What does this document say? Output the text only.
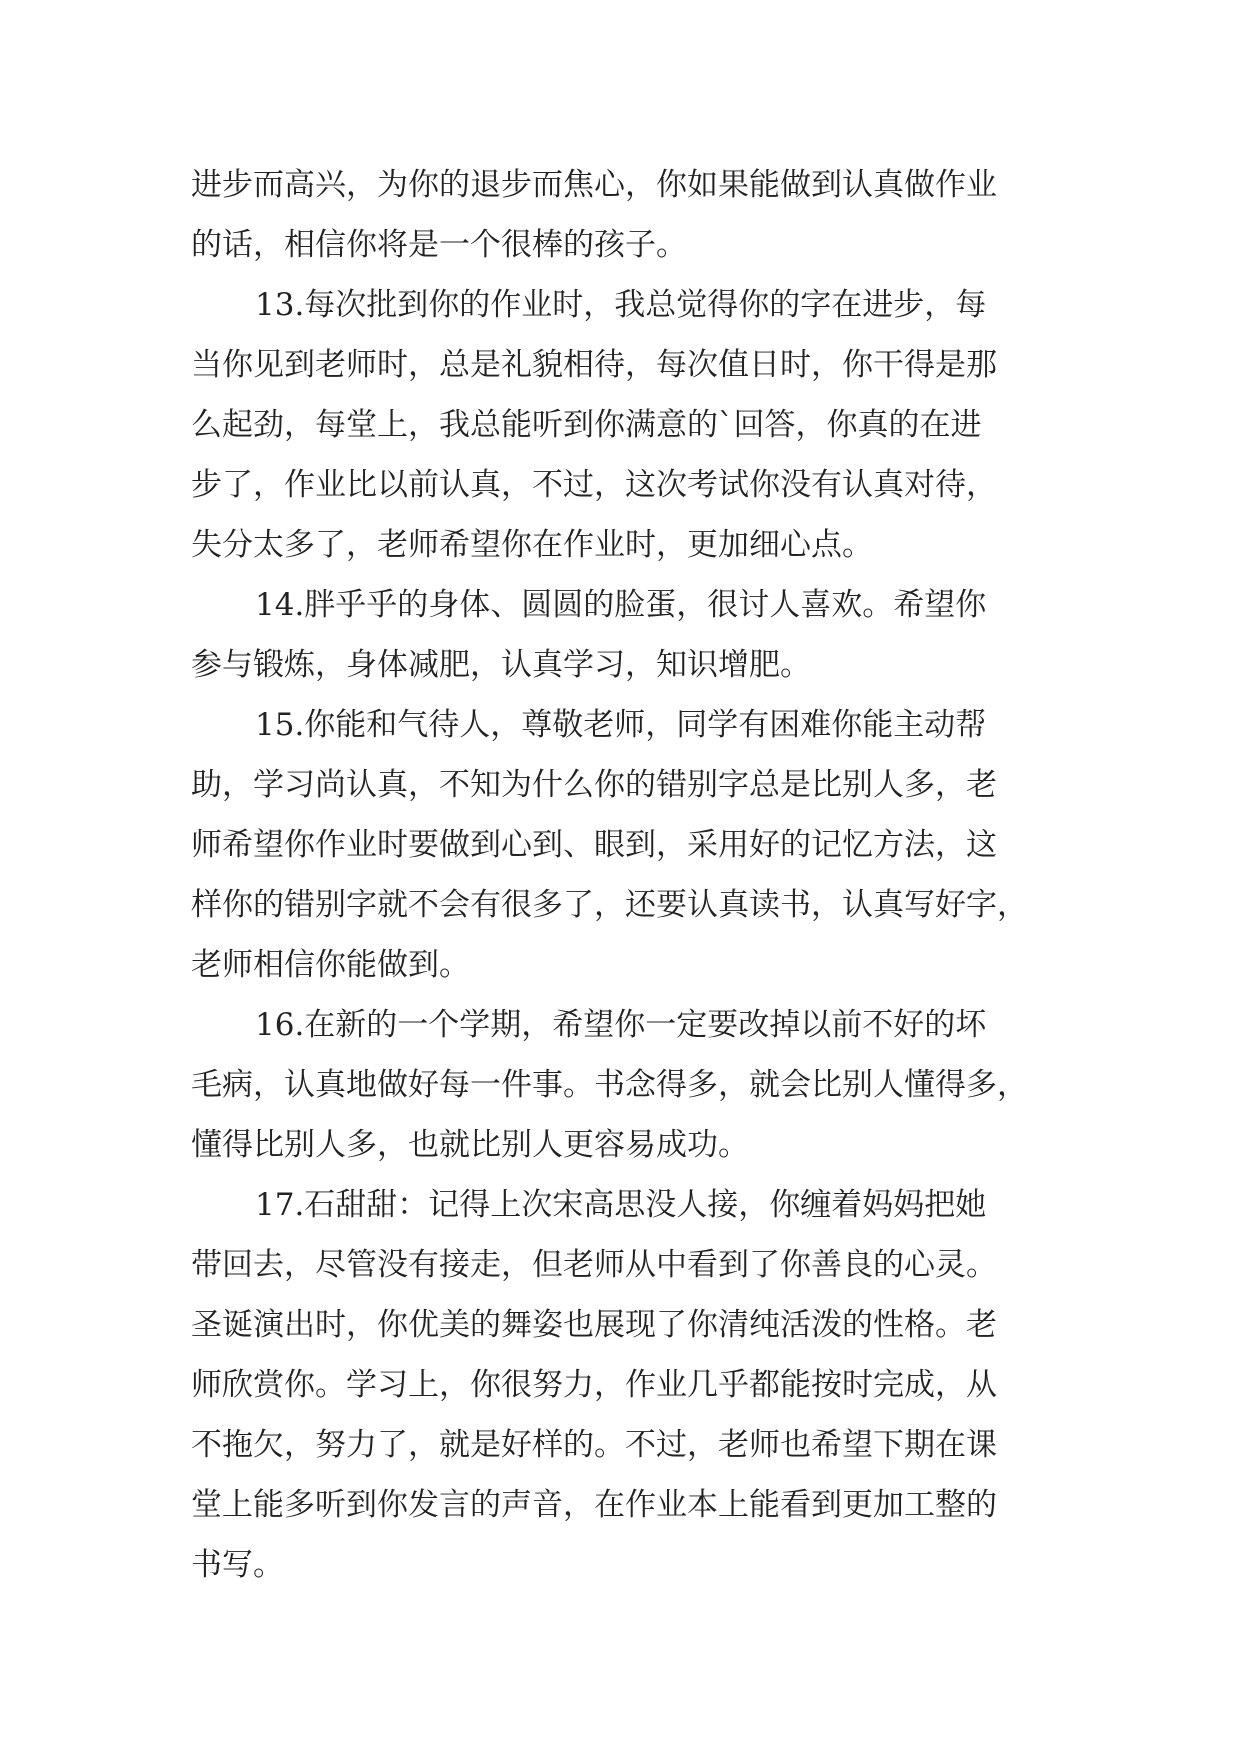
进步而高兴，为你的退步而焦心，你如果能做到认真做作业
的话，相信你将是一个很棒的孩子。
13.每次批到你的作业时，我总觉得你的字在进步，每
当你见到老师时，总是礼貌相待，每次值日时，你干得是那
么起劲，每堂上，我总能听到你满意的`回答，你真的在进
步了，作业比以前认真，不过，这次考试你没有认真对待，
失分太多了，老师希望你在作业时，更加细心点。
14.胖乎乎的身体、圆圆的脸蛋，很讨人喜欢。希望你
参与锻炼，身体减肥，认真学习，知识增肥。
15.你能和气待人，尊敬老师，同学有困难你能主动帮
助，学习尚认真，不知为什么你的错别字总是比别人多，老
师希望你作业时要做到心到、眼到，采用好的记忆方法，这
样你的错别字就不会有很多了，还要认真读书，认真写好字，
老师相信你能做到。
16.在新的一个学期，希望你一定要改掉以前不好的坏
毛病，认真地做好每一件事。书念得多，就会比别人懂得多，
懂得比别人多，也就比别人更容易成功。
17.石甜甜：记得上次宋高思没人接，你缠着妈妈把她
带回去，尽管没有接走，但老师从中看到了你善良的心灵。
圣诞演出时，你优美的舞姿也展现了你清纯活泼的性格。老
师欣赏你。学习上，你很努力，作业几乎都能按时完成，从
不拖欠，努力了，就是好样的。不过，老师也希望下期在课
堂上能多听到你发言的声音，在作业本上能看到更加工整的
书写。
